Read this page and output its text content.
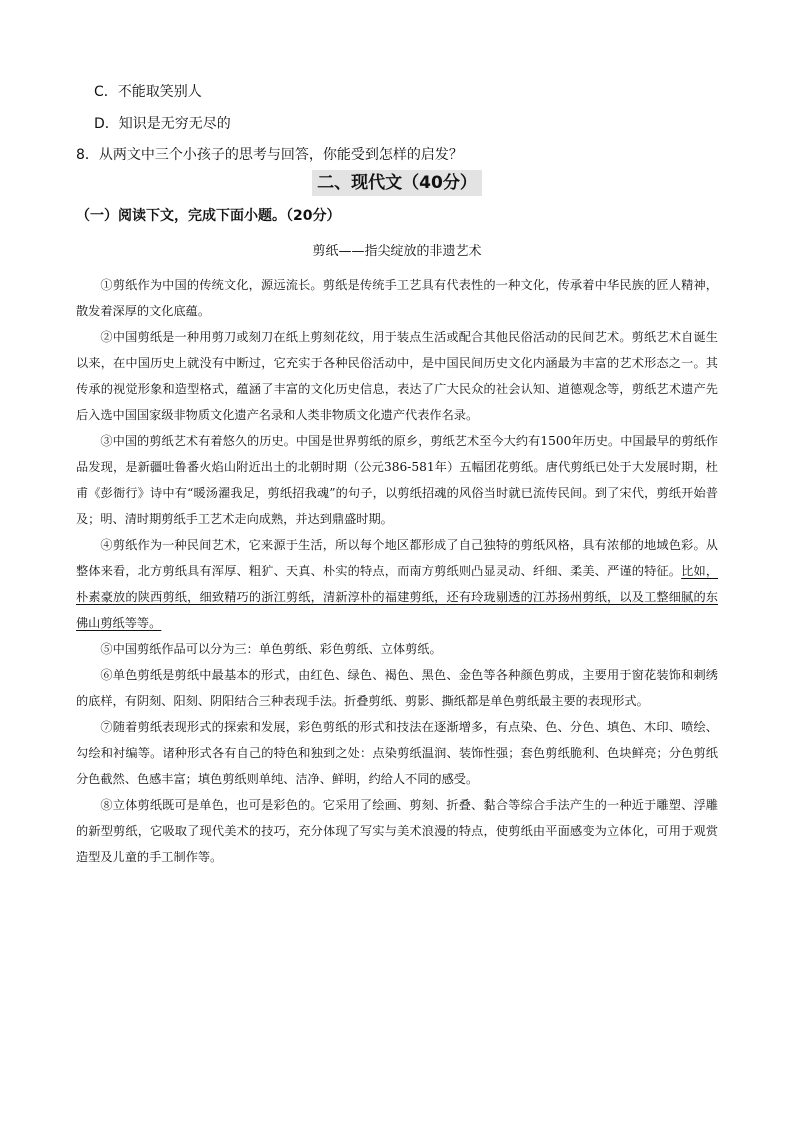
C．不能取笑别人
D．知识是无穷无尽的
8．从两文中三个小孩子的思考与回答，你能受到怎样的启发？
二、现代文（40分）
（一）阅读下文，完成下面小题。（20分）
剪纸——指尖绽放的非遗艺术

①剪纸作为中国的传统文化，源远流长。剪纸是传统手工艺具有代表性的一种文化，传承着中华民族的匠人精神，散发着深厚的文化底蕴。

②中国剪纸是一种用剪刀或刻刀在纸上剪刻花纹，用于装点生活或配合其他民俗活动的民间艺术。剪纸艺术自诞生以来，在中国历史上就没有中断过，它充实于各种民俗活动中，是中国民间历史文化内涵最为丰富的艺术形态之一。其传承的视觉形象和造型格式，蕴涵了丰富的文化历史信息，表达了广大民众的社会认知、道德观念等，剪纸艺术遗产先后入选中国国家级非物质文化遗产名录和人类非物质文化遗产代表作名录。

③中国的剪纸艺术有着悠久的历史。中国是世界剪纸的原乡，剪纸艺术至今大约有1500年历史。中国最早的剪纸作品发现，是新疆吐鲁番火焰山附近出土的北朝时期（公元386-581年）五幅团花剪纸。唐代剪纸已处于大发展时期，杜甫《彭衙行》诗中有“暖汤濯我足，剪纸招我魂”的句子，以剪纸招魂的风俗当时就已流传民间。到了宋代，剪纸开始普及；明、清时期剪纸手工艺术走向成熟，并达到鼎盛时期。

④剪纸作为一种民间艺术，它来源于生活，所以每个地区都形成了自己独特的剪纸风格，具有浓郁的地域色彩。从整体来看，北方剪纸具有浑厚、粗犷、天真、朴实的特点，而南方剪纸则凸显灵动、纤细、柔美、严谨的特征。比如，朴素豪放的陕西剪纸，细致精巧的浙江剪纸，清新淳朴的福建剪纸，还有玲珑剔透的江苏扬州剪纸，以及工整细腻的东佛山剪纸等等。

⑤中国剪纸作品可以分为三：单色剪纸、彩色剪纸、立体剪纸。

⑥单色剪纸是剪纸中最基本的形式，由红色、绿色、褐色、黑色、金色等各种颜色剪成，主要用于窗花装饰和刺绣的底样，有阴刻、阳刻、阴阳结合三种表现手法。折叠剪纸、剪影、撕纸都是单色剪纸最主要的表现形式。

⑦随着剪纸表现形式的探索和发展，彩色剪纸的形式和技法在逐渐增多，有点染、色、分色、填色、木印、喷绘、勾绘和衬编等。诸种形式各有自己的特色和独到之处：点染剪纸温润、装饰性强；套色剪纸脆利、色块鲜亮；分色剪纸分色截然、色感丰富；填色剪纸则单纯、洁净、鲜明，约给人不同的感受。

⑧立体剪纸既可是单色，也可是彩色的。它采用了绘画、剪刻、折叠、黏合等综合手法产生的一种近于雕塑、浮雕的新型剪纸，它吸取了现代美术的技巧，充分体现了写实与美术浪漫的特点，使剪纸由平面感变为立体化，可用于观赏造型及儿童的手工制作等。
